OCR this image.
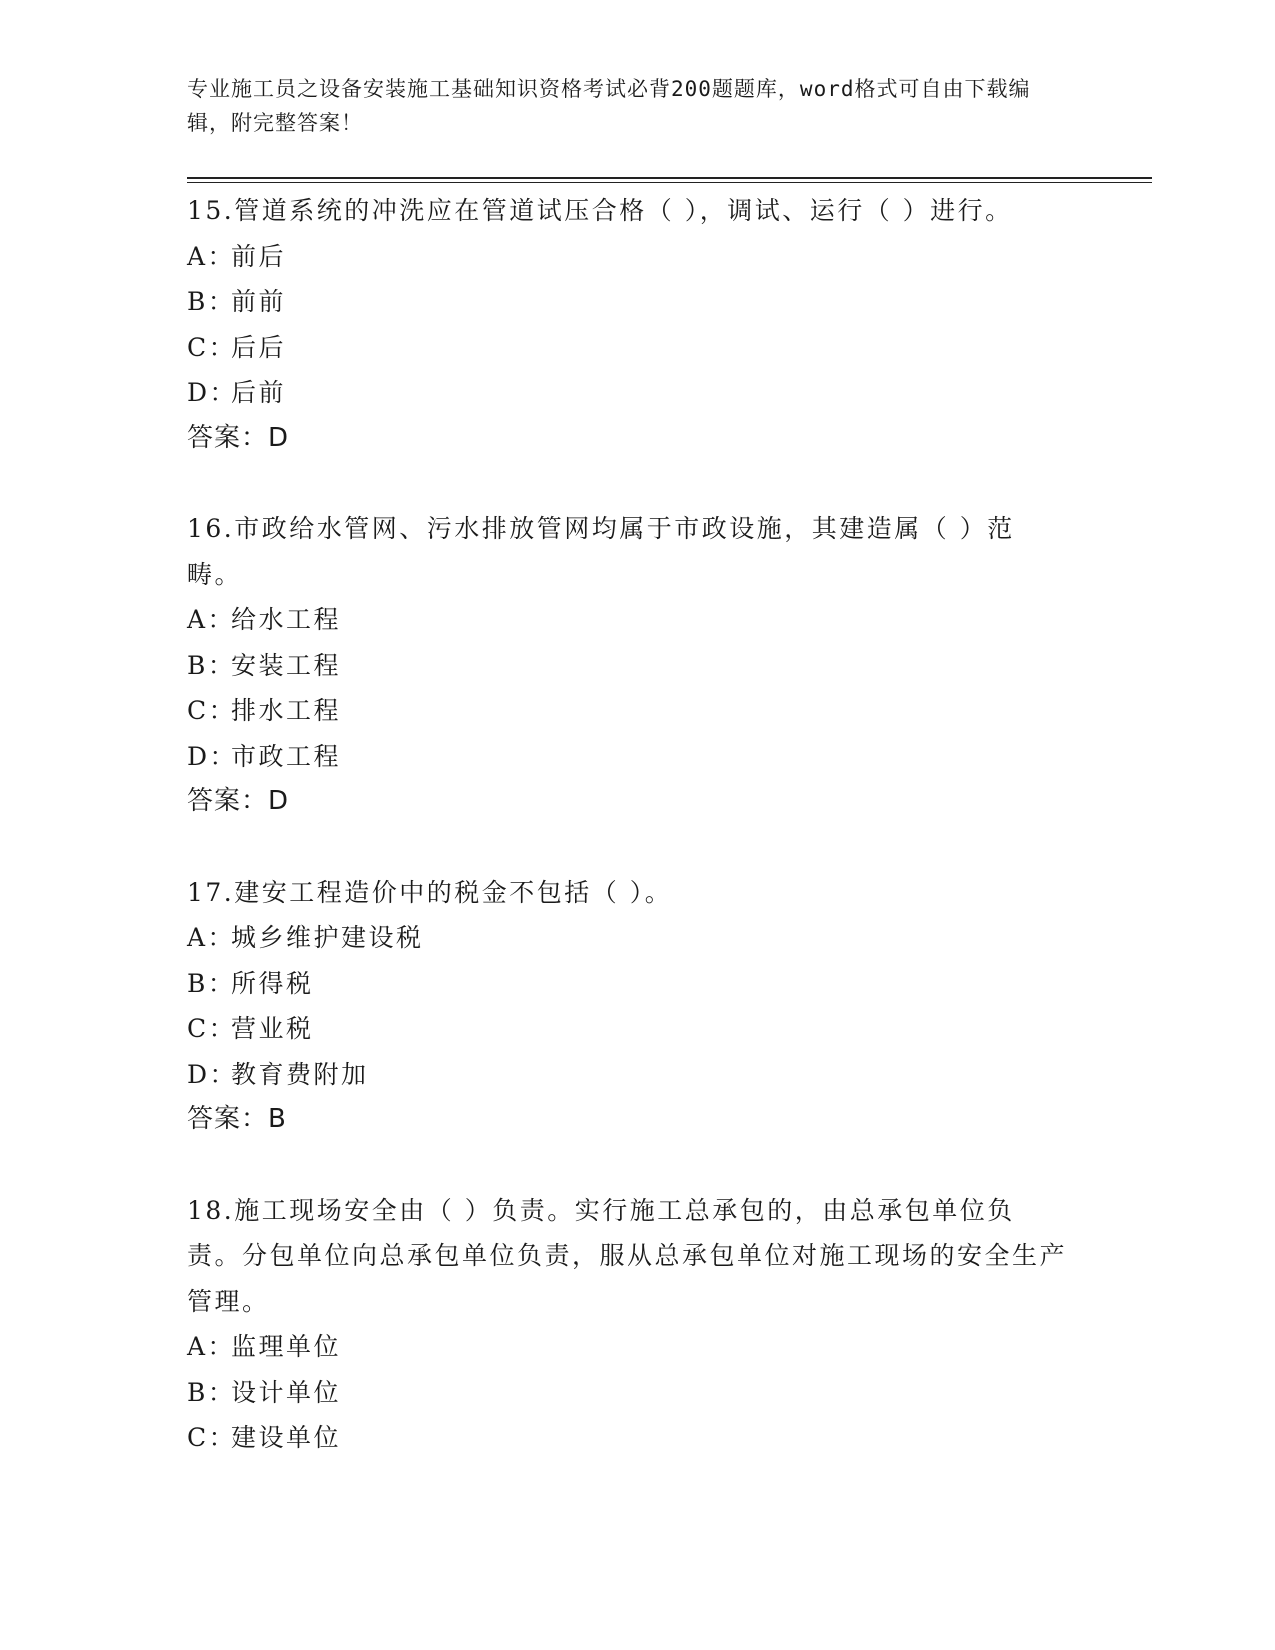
专业施工员之设备安装施工基础知识资格考试必背200题题库，word格式可自由下载编辑，附完整答案！
15.管道系统的冲洗应在管道试压合格（ ），调试、运行（ ）进行。
A：前后
B：前前
C：后后
D：后前
答案：D
16.市政给水管网、污水排放管网均属于市政设施，其建造属（ ）范畴。
A：给水工程
B：安装工程
C：排水工程
D：市政工程
答案：D
17.建安工程造价中的税金不包括（ ）。
A：城乡维护建设税
B：所得税
C：营业税
D：教育费附加
答案：B
18.施工现场安全由（ ）负责。实行施工总承包的，由总承包单位负责。分包单位向总承包单位负责，服从总承包单位对施工现场的安全生产管理。
A：监理单位
B：设计单位
C：建设单位
